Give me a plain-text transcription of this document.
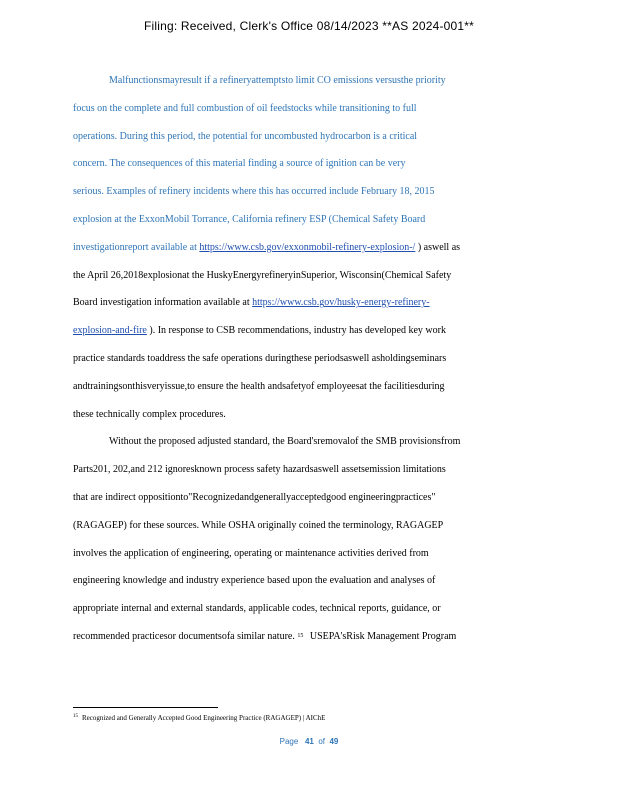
Filing: Received, Clerk's Office 08/14/2023 **AS 2024-001**
Malfunctionsmayresult if a refineryattemptsto limit CO emissions versusthe priority
focus on the complete and full combustion of oil feedstocks while transitioning to full
operations. During this period, the potential for uncombusted hydrocarbon is a critical
concern. The consequences of this material finding a source of ignition can be very
serious. Examples of refinery incidents where this has occurred include February 18, 2015
explosion at the ExxonMobil Torrance, California refinery ESP (Chemical Safety Board
investigationreport available at https://www.csb.gov/exxonmobil-refinery-explosion-/ ) aswell as
the April 26,2018explosionat the HuskyEnergyrefineryinSuperior, Wisconsin(Chemical Safety
Board investigation information available at https://www.csb.gov/husky-energy-refinery-
explosion-and-fire ). In response to CSB recommendations, industry has developed key work
practice standards toaddress the safe operations duringthese periodsaswell asholdingseminars
andtrainingsonthisveryissue,to ensure the health andsafetyof employeesat the facilitiesduring
these technically complex procedures.
Without the proposed adjusted standard, the Board'sremovalof the SMB provisionsfrom
Parts201, 202,and 212 ignoresknown process safety hazardsaswell assetsemission limitations
that are indirect oppositionto"Recognizedandgenerallyacceptedgood engineeringpractices"
(RAGAGEP) for these sources. While OSHA originally coined the terminology, RAGAGEP
involves the application of engineering, operating or maintenance activities derived from
engineering knowledge and industry experience based upon the evaluation and analyses of
appropriate internal and external standards, applicable codes, technical reports, guidance, or
recommended practicesor documentsofa similar nature. $^{15}$ USEPA'sRisk Management Program
$^{15}$ Recognized and Generally Accepted Good Engineering Practice (RAGAGEP) | AIChE
Page 41 of 49
